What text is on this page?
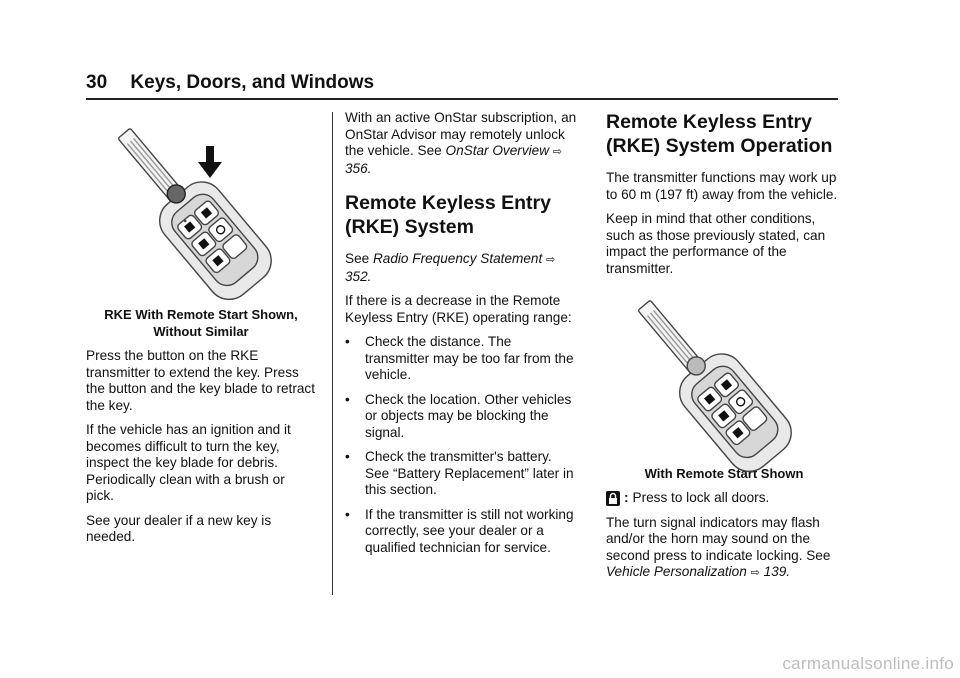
30 Keys, Doors, and Windows
RKE With Remote Start Shown,
Without Similar

Press the button on the RKE transmitter to extend the key. Press the button and the key blade to retract the key.

If the vehicle has an ignition and it becomes difficult to turn the key, inspect the key blade for debris. Periodically clean with a brush or pick.

See your dealer if a new key is needed.

With an active OnStar subscription, an OnStar Advisor may remotely unlock the vehicle. See OnStar Overview ⇨ 356.

Remote Keyless Entry (RKE) System

See Radio Frequency Statement ⇨ 352.

If there is a decrease in the Remote Keyless Entry (RKE) operating range:

•	Check the distance. The transmitter may be too far from the vehicle.
•	Check the location. Other vehicles or objects may be blocking the signal.
•	Check the transmitter's battery. See “Battery Replacement” later in this section.
•	If the transmitter is still not working correctly, see your dealer or a qualified technician for service.
Remote Keyless Entry (RKE) System Operation

The transmitter functions may work up to 60 m (197 ft) away from the vehicle.

Keep in mind that other conditions, such as those previously stated, can impact the performance of the transmitter.

With Remote Start Shown
: Press to lock all doors.

The turn signal indicators may flash and/or the horn may sound on the second press to indicate locking. See Vehicle Personalization ⇨ 139.

carmanualsonline.info
